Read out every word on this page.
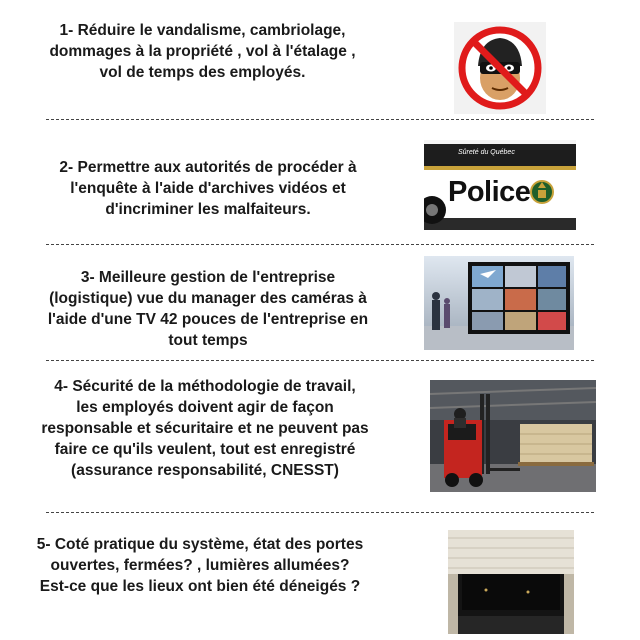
1- Réduire le vandalisme, cambriolage,
dommages à la propriété , vol à l'étalage ,
vol de temps des employés.

2- Permettre aux autorités de procéder à
l'enquête à l'aide d'archives vidéos et
d'incriminer les malfaiteurs.

Sûreté du Québec
Police

3- Meilleure gestion de l'entreprise
(logistique) vue du manager des caméras à
l'aide d'une TV 42 pouces de l'entreprise en
tout temps

4- Sécurité de la méthodologie de travail,
les employés doivent agir de façon
responsable et sécuritaire et ne peuvent pas
faire ce qu'ils veulent, tout est enregistré
(assurance responsabilité, CNESST)

5- Coté pratique du système, état des portes
ouvertes, fermées? , lumières allumées?
Est-ce que les lieux ont bien été déneigés ?
